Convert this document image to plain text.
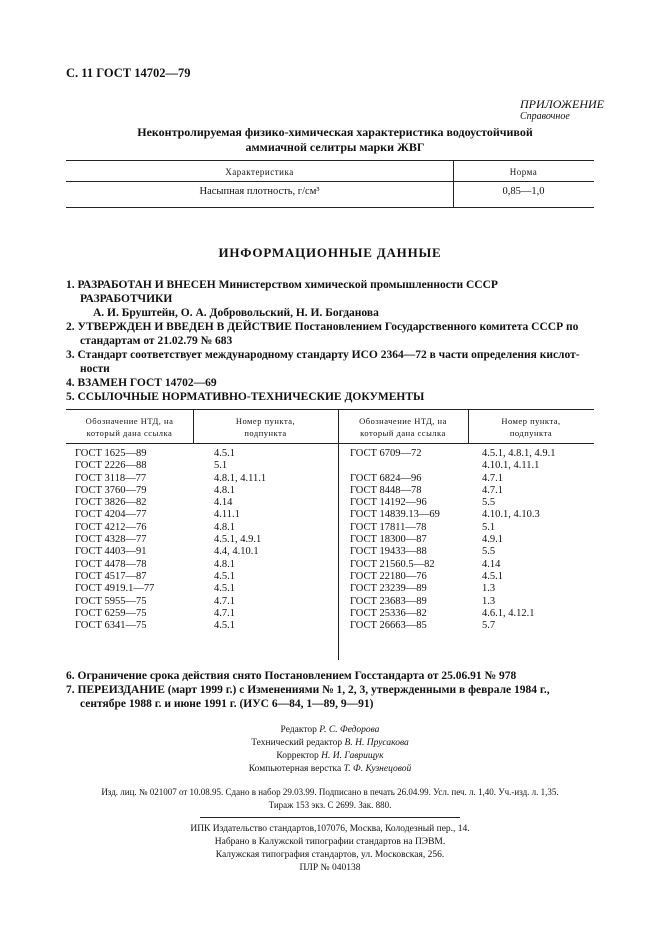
С. 11 ГОСТ 14702—79
ПРИЛОЖЕНИЕ
Справочное
Неконтролируемая физико-химическая характеристика водоустойчивой
аммиачной селитры марки ЖВГ
Характеристика	Норма
Насыпная плотность, г/см³	0,85—1,0
ИНФОРМАЦИОННЫЕ ДАННЫЕ
1. РАЗРАБОТАН И ВНЕСЕН Министерством химической промышленности СССР
РАЗРАБОТЧИКИ
А. И. Бруштейн, О. А. Добровольский, Н. И. Богданова
2. УТВЕРЖДЕН И ВВЕДЕН В ДЕЙСТВИЕ Постановлением Государственного комитета СССР по
стандартам от 21.02.79 № 683
3. Стандарт соответствует международному стандарту ИСО 2364—72 в части определения кислот-
ности
4. ВЗАМЕН ГОСТ 14702—69
5. ССЫЛОЧНЫЕ НОРМАТИВНО-ТЕХНИЧЕСКИЕ ДОКУМЕНТЫ
Обозначение НТД, на
который дана ссылка
Номер пункта,
подпункта
Обозначение НТД, на
который дана ссылка
Номер пункта,
подпункта
ГОСТ 1625—89
ГОСТ 2226—88
ГОСТ 3118—77
ГОСТ 3760—79
ГОСТ 3826—82
ГОСТ 4204—77
ГОСТ 4212—76
ГОСТ 4328—77
ГОСТ 4403—91
ГОСТ 4478—78
ГОСТ 4517—87
ГОСТ 4919.1—77
ГОСТ 5955—75
ГОСТ 6259—75
ГОСТ 6341—75
4.5.1
5.1
4.8.1, 4.11.1
4.8.1
4.14
4.11.1
4.8.1
4.5.1, 4.9.1
4.4, 4.10.1
4.8.1
4.5.1
4.5.1
4.7.1
4.7.1
4.5.1
ГОСТ 6709—72

ГОСТ 6824—96
ГОСТ 8448—78
ГОСТ 14192—96
ГОСТ 14839.13—69
ГОСТ 17811—78
ГОСТ 18300—87
ГОСТ 19433—88
ГОСТ 21560.5—82
ГОСТ 22180—76
ГОСТ 23239—89
ГОСТ 23683—89
ГОСТ 25336—82
ГОСТ 26663—85
4.5.1, 4.8.1, 4.9.1
4.10.1, 4.11.1
4.7.1
4.7.1
5.5
4.10.1, 4.10.3
5.1
4.9.1
5.5
4.14
4.5.1
1.3
1.3
4.6.1, 4.12.1
5.7
6. Ограничение срока действия снято Постановлением Госстандарта от 25.06.91 № 978
7. ПЕРЕИЗДАНИЕ (март 1999 г.) с Изменениями № 1, 2, 3, утвержденными в феврале 1984 г.,
сентябре 1988 г. и июне 1991 г. (ИУС 6—84, 1—89, 9—91)
Редактор Р. С. Федорова
Технический редактор В. Н. Прусакова
Корректор Н. И. Гаврищук
Компьютерная верстка Т. Ф. Кузнецовой
Изд. лиц. № 021007 от 10.08.95. Сдано в набор 29.03.99. Подписано в печать 26.04.99. Усл. печ. л. 1,40. Уч.-изд. л. 1,35.
Тираж 153 экз. С 2699. Зак. 880.
ИПК Издательство стандартов,107076, Москва, Колодезный пер., 14.
Набрано в Калужской типографии стандартов на ПЭВМ.
Калужская типография стандартов, ул. Московская, 256.
ПЛР № 040138
